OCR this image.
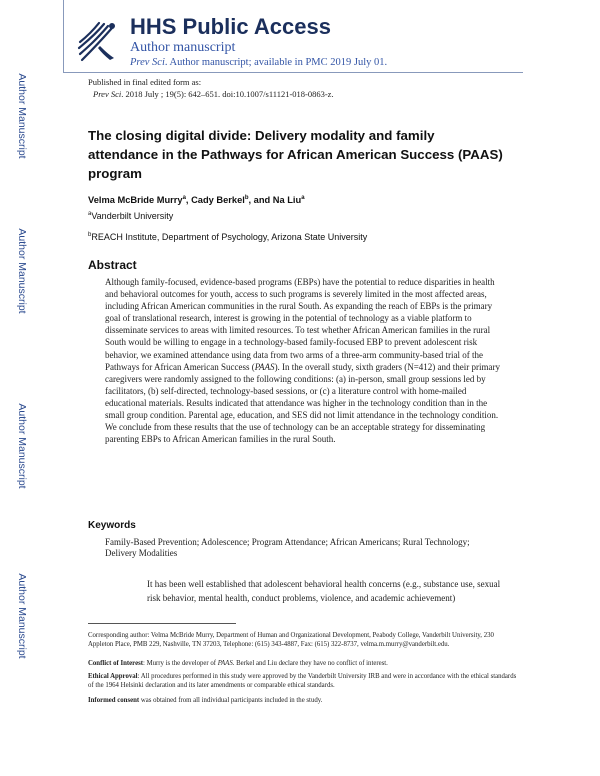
HHS Public Access
Author manuscript
Prev Sci. Author manuscript; available in PMC 2019 July 01.
Author Manuscript
Author Manuscript
Author Manuscript
Author Manuscript
Published in final edited form as:
Prev Sci. 2018 July ; 19(5): 642–651. doi:10.1007/s11121-018-0863-z.
The closing digital divide: Delivery modality and family attendance in the Pathways for African American Success (PAAS) program
Velma McBride Murry$^a$, Cady Berkel$^b$, and Na Liu$^a$
$^a$Vanderbilt University
$^b$REACH Institute, Department of Psychology, Arizona State University
Abstract
Although family-focused, evidence-based programs (EBPs) have the potential to reduce disparities in health and behavioral outcomes for youth, access to such programs is severely limited in the most affected areas, including African American communities in the rural South. As expanding the reach of EBPs is the primary goal of translational research, interest is growing in the potential of technology as a viable platform to disseminate services to areas with limited resources. To test whether African American families in the rural South would be willing to engage in a technology-based family-focused EBP to prevent adolescent risk behavior, we examined attendance using data from two arms of a three-arm community-based trial of the Pathways for African American Success (PAAS). In the overall study, sixth graders (N=412) and their primary caregivers were randomly assigned to the following conditions: (a) in-person, small group sessions led by facilitators, (b) self-directed, technology-based sessions, or (c) a literature control with home-mailed educational materials. Results indicated that attendance was higher in the technology condition than in the small group condition. Parental age, education, and SES did not limit attendance in the technology condition. We conclude from these results that the use of technology can be an acceptable strategy for disseminating parenting EBPs to African American families in the rural South.
Keywords
Family-Based Prevention; Adolescence; Program Attendance; African Americans; Rural Technology; Delivery Modalities
It has been well established that adolescent behavioral health concerns (e.g., substance use, sexual risk behavior, mental health, conduct problems, violence, and academic achievement)
Corresponding author: Velma McBride Murry, Department of Human and Organizational Development, Peabody College, Vanderbilt University, 230 Appleton Place, PMB 229, Nashville, TN 37203, Telephone: (615) 343-4887, Fax: (615) 322-8737, velma.m.murry@vanderbilt.edu.
Conflict of Interest: Murry is the developer of PAAS. Berkel and Liu declare they have no conflict of interest.
Ethical Approval: All procedures performed in this study were approved by the Vanderbilt University IRB and were in accordance with the ethical standards of the 1964 Helsinki declaration and its later amendments or comparable ethical standards.
Informed consent was obtained from all individual participants included in the study.
